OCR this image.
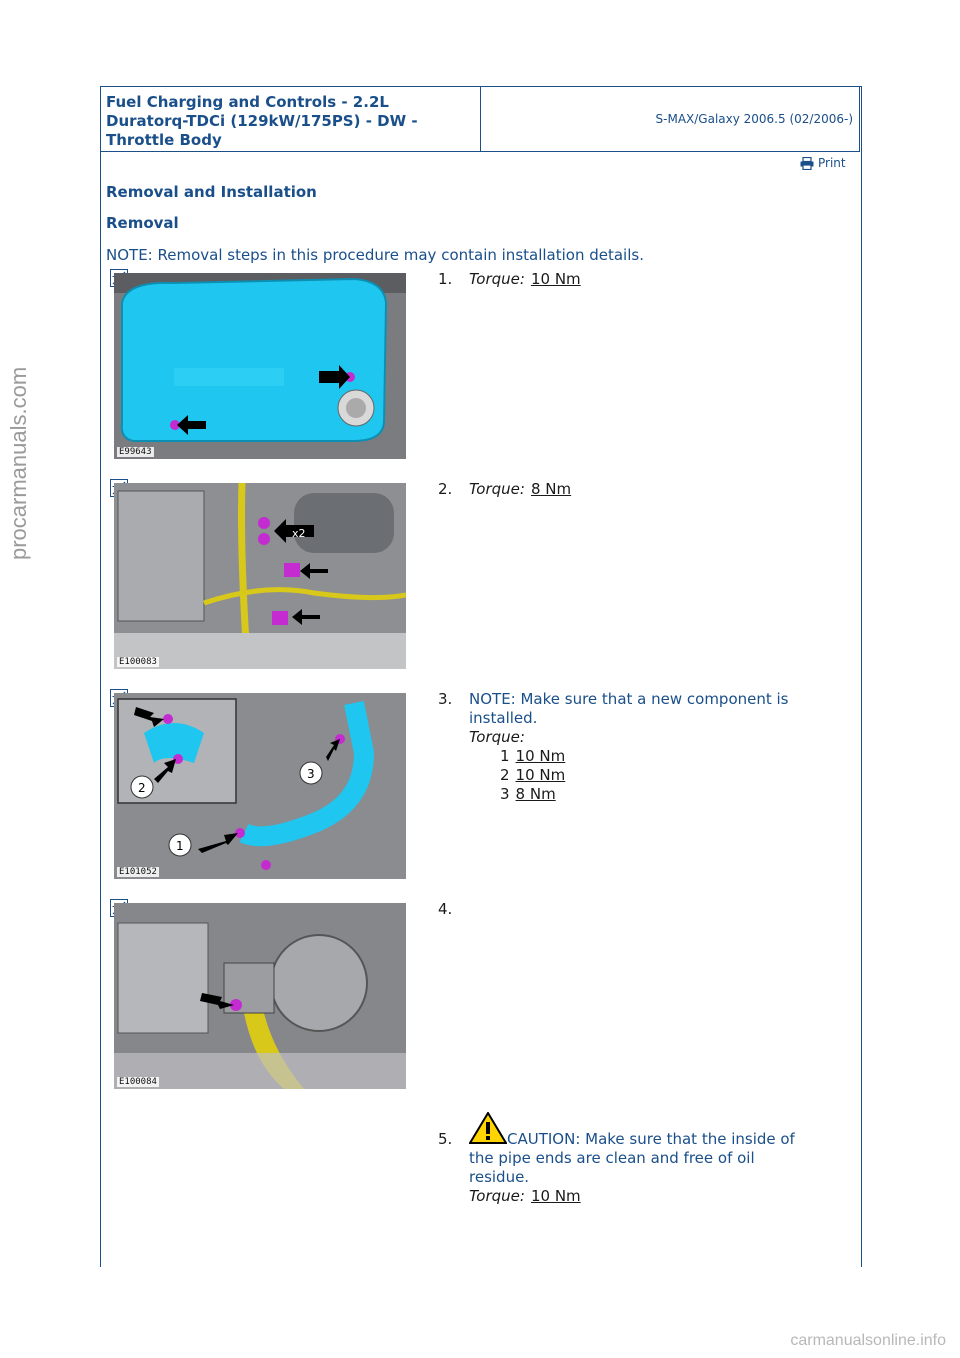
Fuel Charging and Controls - 2.2L
Duratorq-TDCi (129kW/175PS) - DW -
Throttle Body
S-MAX/Galaxy 2006.5 (02/2006-)
Print
Removal and Installation
Removal
NOTE: Removal steps in this procedure may contain installation details.
E99643
x2
E100083
2
3
1
E101052
E100084
1. Torque: 10 Nm
2. Torque: 8 Nm
3. NOTE: Make sure that a new component is
installed.
Torque:
1 10 Nm
2 10 Nm
3 8 Nm
4.
5.	CAUTION: Make sure that the inside of
the pipe ends are clean and free of oil
residue.
Torque: 10 Nm
procarmanuals.com
carmanualsonline.info
